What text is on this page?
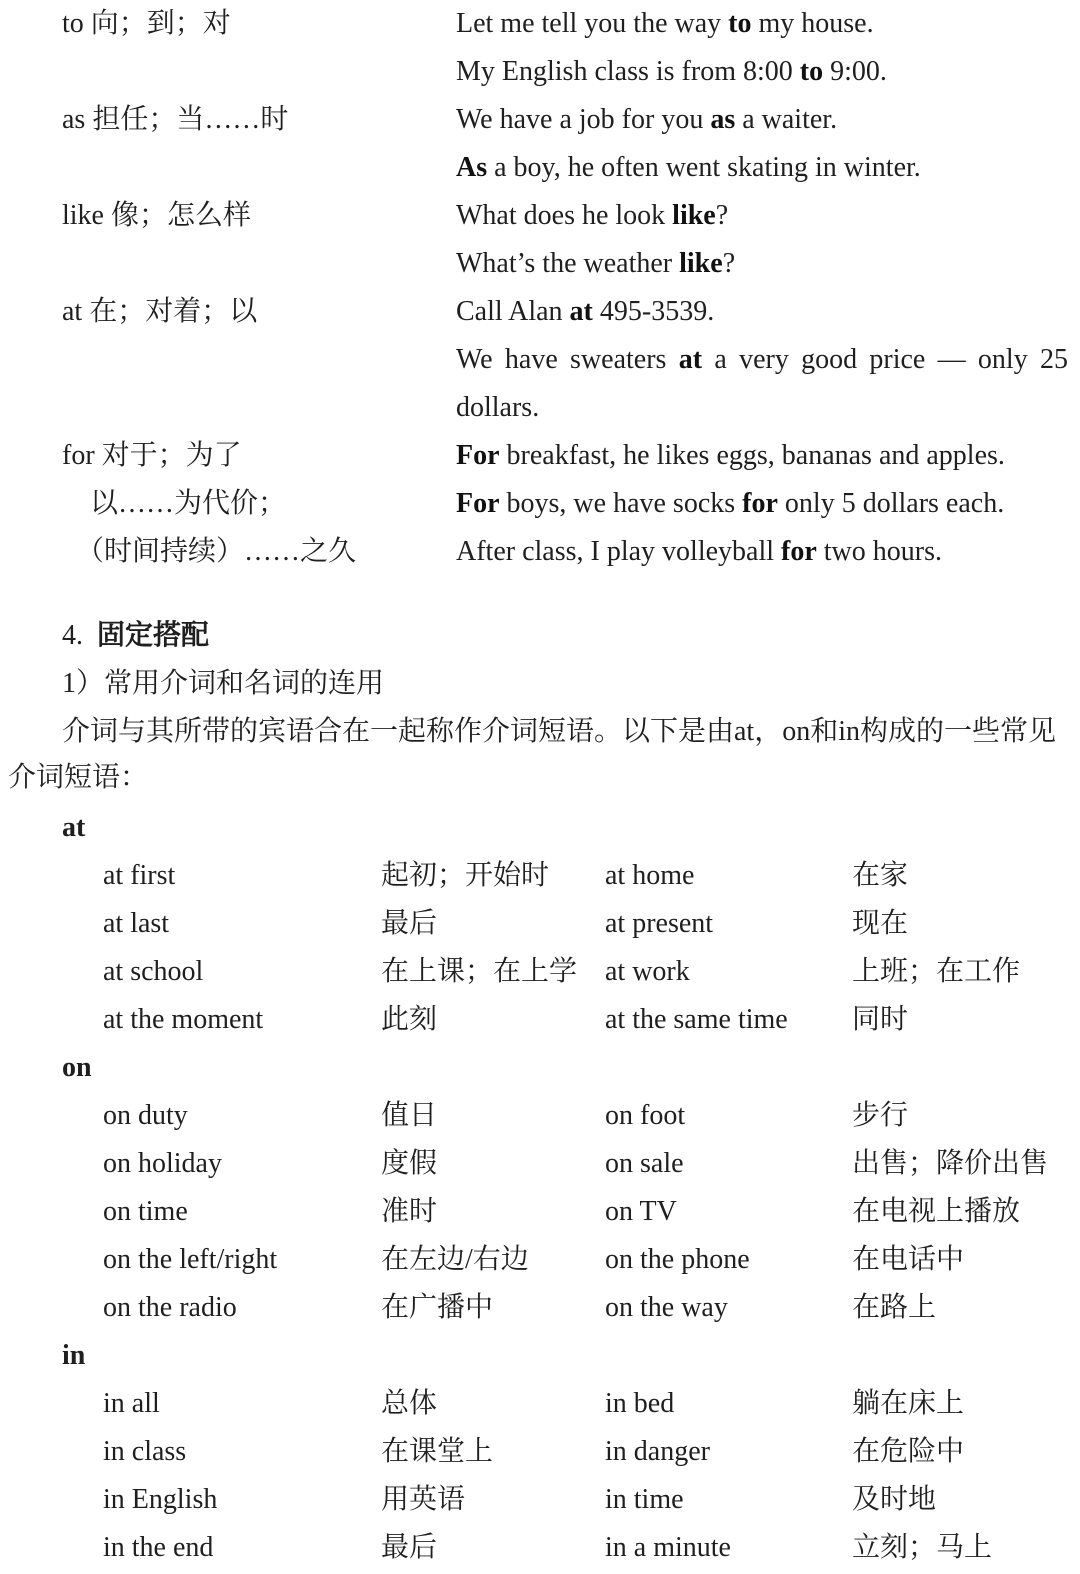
to 向；到；对	Let me tell you the way to my house.
My English class is from 8:00 to 9:00.
as 担任；当……时	We have a job for you as a waiter.
As a boy, he often went skating in winter.
like 像；怎么样	What does he look like?
What’s the weather like?
at 在；对着；以	Call Alan at 495-3539.
We have sweaters at a very good price — only 25
dollars.
for 对于；为了	For breakfast, he likes eggs, bananas and apples.
以……为代价；	For boys, we have socks for only 5 dollars each.
（时间持续）……之久	After class, I play volleyball for two hours.
4. 固定搭配
1）常用介词和名词的连用
介词与其所带的宾语合在一起称作介词短语。以下是由at，on和in构成的一些常见
介词短语：
at
at first	起初；开始时 at home	在家
at last	最后	at present	现在
at school	在上课；在上学 at work	上班；在工作
at the moment	此刻	at the same time 同时
on
on duty	值日	on foot	步行
on holiday	度假	on sale	出售；降价出售
on time	准时	on TV	在电视上播放
on the left/right	在左边/右边	on the phone	在电话中
on the radio	在广播中	on the way	在路上
in
in all	总体	in bed	躺在床上
in class	在课堂上	in danger	在危险中
in English	用英语	in time	及时地
in the end	最后	in a minute	立刻；马上
